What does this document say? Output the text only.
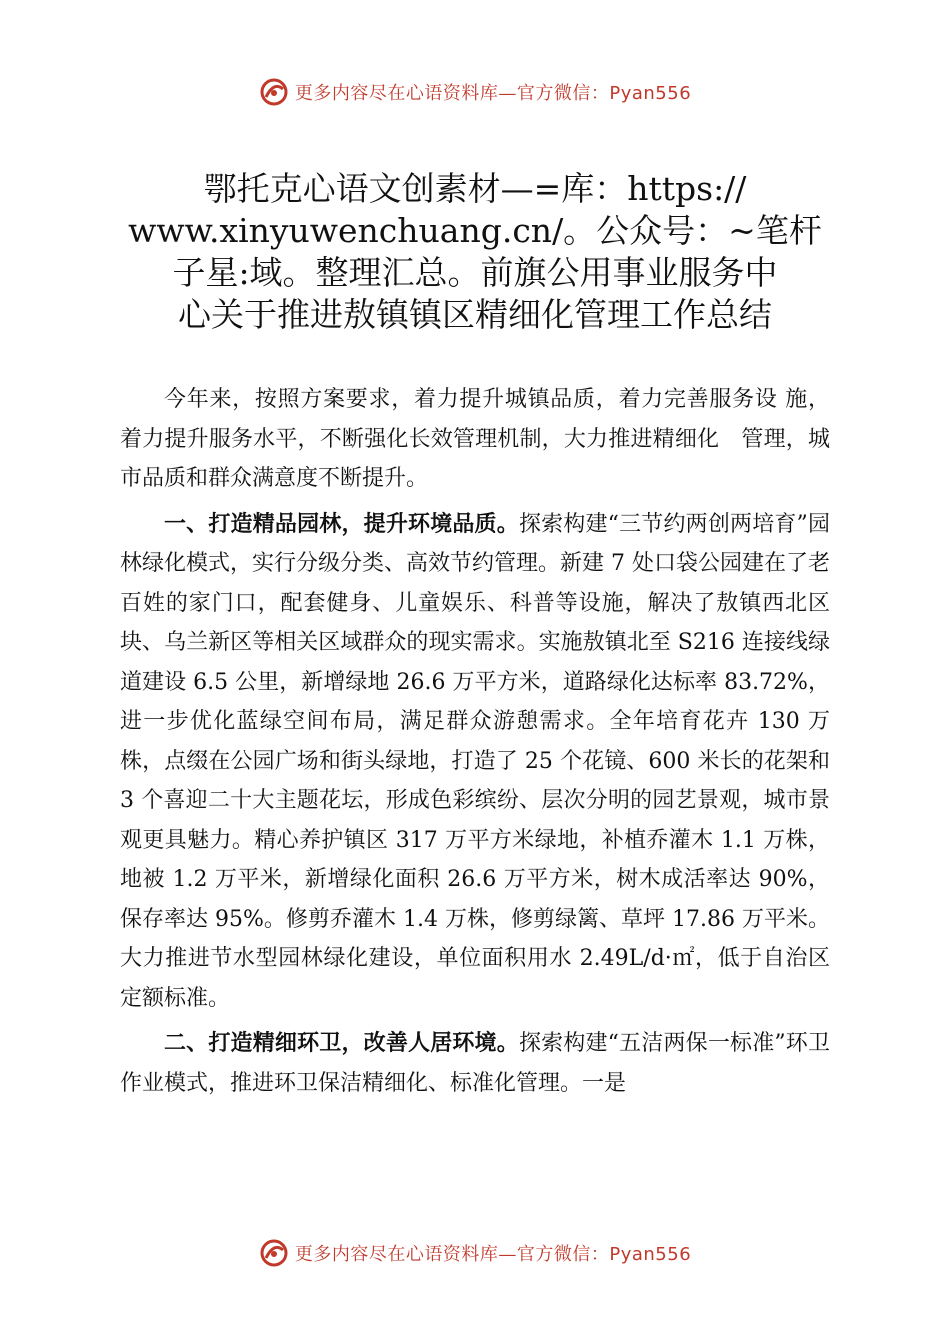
更多内容尽在心语资料库—官方微信：Pyan556
鄂托克心语文创素材—=库：https://
www.xinyuwenchuang.cn/。公众号：~笔杆
子星:域。整理汇总。前旗公用事业服务中
心关于推进敖镇镇区精细化管理工作总结

今年来，按照方案要求，着力提升城镇品质，着力完善服务设 施，着力提升服务水平，不断强化长效管理机制，大力推进精细化　管理，城市品质和群众满意度不断提升。

一、打造精品园林，提升环境品质。探索构建“三节约两创两培育”园林绿化模式，实行分级分类、高效节约管理。新建 7 处口袋公园建在了老百姓的家门口，配套健身、儿童娱乐、科普等设施，解决了敖镇西北区块、乌兰新区等相关区域群众的现实需求。实施敖镇北至 S216 连接线绿道建设 6.5 公里，新增绿地 26.6 万平方米，道路绿化达标率 83.72%，进一步优化蓝绿空间布局，满足群众游憩需求。全年培育花卉 130 万株，点缀在公园广场和街头绿地，打造了 25 个花镜、600 米长的花架和 3 个喜迎二十大主题花坛，形成色彩缤纷、层次分明的园艺景观，城市景观更具魅力。精心养护镇区 317 万平方米绿地，补植乔灌木 1.1 万株，地被 1.2 万平米，新增绿化面积 26.6 万平方米，树木成活率达 90%，保存率达 95%。修剪乔灌木 1.4 万株，修剪绿篱、草坪 17.86 万平米。大力推进节水型园林绿化建设，单位面积用水 2.49L/d·㎡，低于自治区定额标准。

二、打造精细环卫，改善人居环境。探索构建“五洁两保一标准”环卫作业模式，推进环卫保洁精细化、标准化管理。一是

更多内容尽在心语资料库—官方微信：Pyan556
